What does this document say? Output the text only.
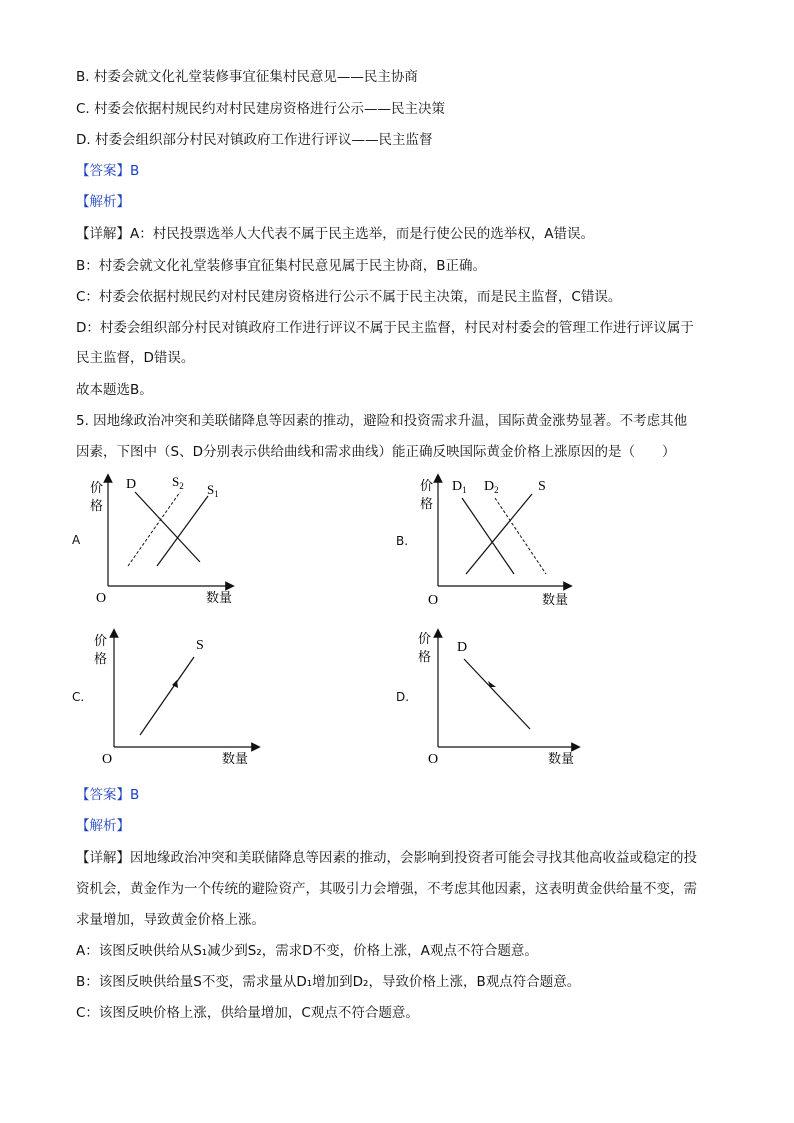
B. 村委会就文化礼堂装修事宜征集村民意见——民主协商
C. 村委会依据村规民约对村民建房资格进行公示——民主决策
D. 村委会组织部分村民对镇政府工作进行评议——民主监督
【答案】B
【解析】
【详解】A：村民投票选举人大代表不属于民主选举，而是行使公民的选举权，A错误。
B：村委会就文化礼堂装修事宜征集村民意见属于民主协商，B正确。
C：村委会依据村规民约对村民建房资格进行公示不属于民主决策，而是民主监督，C错误。
D：村委会组织部分村民对镇政府工作进行评议不属于民主监督，村民对村委会的管理工作进行评议属于
民主监督，D错误。
故本题选B。
5. 因地缘政治冲突和美联储降息等因素的推动，避险和投资需求升温，国际黄金涨势显著。不考虑其他
因素，下图中（S、D分别表示供给曲线和需求曲线）能正确反映国际黄金价格上涨原因的是（　　）
A
价
格
O	数量
D	$S_2$ $S_1$
B.
价
格
O	数量
$D_1$ $D_2$	S
C.
价
格
O	数量
S
D.
价
格
O	数量
D
【答案】B
【解析】
【详解】因地缘政治冲突和美联储降息等因素的推动，会影响到投资者可能会寻找其他高收益或稳定的投
资机会，黄金作为一个传统的避险资产，其吸引力会增强，不考虑其他因素，这表明黄金供给量不变，需
求量增加，导致黄金价格上涨。
A：该图反映供给从S₁减少到S₂，需求D不变，价格上涨，A观点不符合题意。
B：该图反映供给量S不变，需求量从D₁增加到D₂，导致价格上涨，B观点符合题意。
C：该图反映价格上涨，供给量增加，C观点不符合题意。
